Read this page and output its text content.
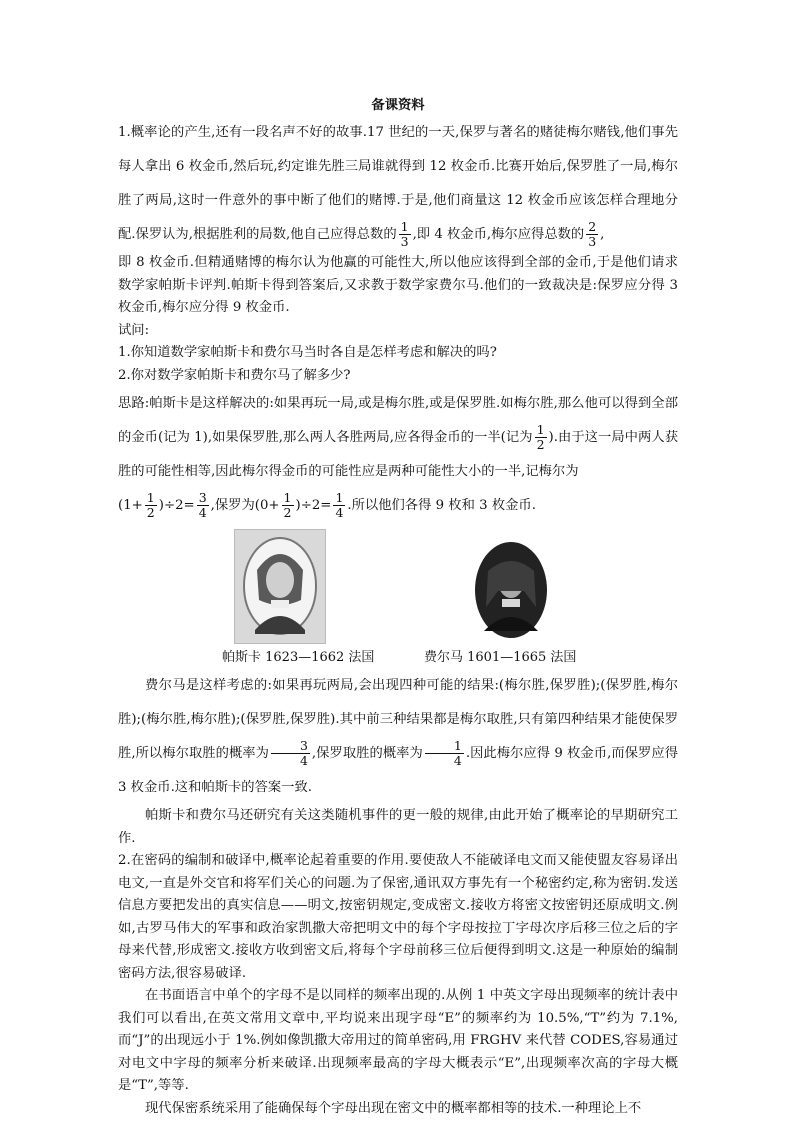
备课资料

1.概率论的产生,还有一段名声不好的故事.17 世纪的一天,保罗与著名的赌徒梅尔赌钱,他们事先每人拿出 6 枚金币,然后玩,约定谁先胜三局谁就得到 12 枚金币.比赛开始后,保罗胜了一局,梅尔胜了两局,这时一件意外的事中断了他们的赌博.于是,他们商量这 12 枚金币应该怎样合理地分配.保罗认为,根据胜利的局数,他自己应得总数的 $\frac{1}{3}$ ,即 4 枚金币,梅尔应得总数的 $\frac{2}{3}$ ,

即 8 枚金币.但精通赌博的梅尔认为他赢的可能性大,所以他应该得到全部的金币,于是他们请求数学家帕斯卡评判.帕斯卡得到答案后,又求教于数学家费尔马.他们的一致裁决是:保罗应分得 3 枚金币,梅尔应分得 9 枚金币.

试问:

1.你知道数学家帕斯卡和费尔马当时各自是怎样考虑和解决的吗?

2.你对数学家帕斯卡和费尔马了解多少?

思路:帕斯卡是这样解决的:如果再玩一局,或是梅尔胜,或是保罗胜.如梅尔胜,那么他可以得到全部的金币(记为 1),如果保罗胜,那么两人各胜两局,应各得金币的一半(记为 $\frac{1}{2}$ ).由于这一局中两人获胜的可能性相等,因此梅尔得金币的可能性应是两种可能性大小的一半,记梅尔为

$(1+ \frac{1}{2} )\div 2= \frac{3}{4}$ ,保罗为$(0+ \frac{1}{2} )\div 2= \frac{1}{4}$ .所以他们各得 9 枚和 3 枚金币.

帕斯卡 1623—1662 法国	费尔马 1601—1665 法国

费尔马是这样考虑的:如果再玩两局,会出现四种可能的结果:(梅尔胜,保罗胜);(保罗胜,梅尔胜);(梅尔胜,梅尔胜);(保罗胜,保罗胜).其中前三种结果都是梅尔取胜,只有第四种结果才能使保罗胜,所以梅尔取胜的概率为 $\frac{3}{4}$ ,保罗取胜的概率为 $\frac{1}{4}$ .因此梅尔应得 9 枚金币,而保罗应得 3 枚金币.这和帕斯卡的答案一致.

帕斯卡和费尔马还研究有关这类随机事件的更一般的规律,由此开始了概率论的早期研究工作.

2.在密码的编制和破译中,概率论起着重要的作用.要使敌人不能破译电文而又能使盟友容易译出电文,一直是外交官和将军们关心的问题.为了保密,通讯双方事先有一个秘密约定,称为密钥.发送信息方要把发出的真实信息——明文,按密钥规定,变成密文.接收方将密文按密钥还原成明文.例如,古罗马伟大的军事和政治家凯撒大帝把明文中的每个字母按拉丁字母次序后移三位之后的字母来代替,形成密文.接收方收到密文后,将每个字母前移三位后便得到明文.这是一种原始的编制密码方法,很容易破译.

在书面语言中单个的字母不是以同样的频率出现的.从例 1 中英文字母出现频率的统计表中我们可以看出,在英文常用文章中,平均说来出现字母“E”的频率约为 10.5%,“T”约为 7.1%,而“J”的出现远小于 1%.例如像凯撒大帝用过的简单密码,用 FRGHV 来代替 CODES,容易通过对电文中字母的频率分析来破译.出现频率最高的字母大概表示“E”,出现频率次高的字母大概是“T”,等等.

现代保密系统采用了能确保每个字母出现在密文中的概率都相等的技术.一种理论上不
